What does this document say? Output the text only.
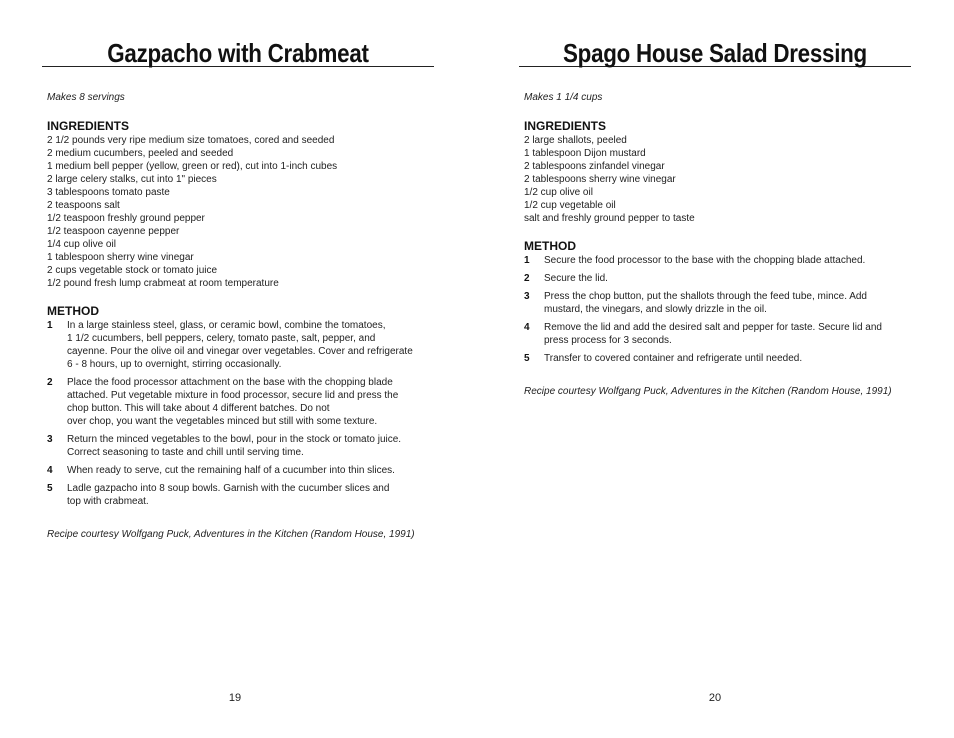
Gazpacho with Crabmeat
Makes 8 servings
INGREDIENTS
2 1/2 pounds very ripe medium size tomatoes, cored and seeded
2 medium cucumbers, peeled and seeded
1 medium bell pepper (yellow, green or red), cut into 1-inch cubes
2 large celery stalks, cut into 1" pieces
3 tablespoons tomato paste
2 teaspoons salt
1/2 teaspoon freshly ground pepper
1/2 teaspoon cayenne pepper
1/4 cup olive oil
1 tablespoon sherry wine vinegar
2 cups vegetable stock or tomato juice
1/2 pound fresh lump crabmeat at room temperature
METHOD
1	In a large stainless steel, glass, or ceramic bowl, combine the tomatoes,
1 1/2 cucumbers, bell peppers, celery, tomato paste, salt, pepper, and
cayenne. Pour the olive oil and vinegar over vegetables. Cover and refrigerate
6 - 8 hours, up to overnight, stirring occasionally.
2	Place the food processor attachment on the base with the chopping blade
attached. Put vegetable mixture in food processor, secure lid and press the
chop button. This will take about 4 different batches. Do not
over chop, you want the vegetables minced but still with some texture.
3	Return the minced vegetables to the bowl, pour in the stock or tomato juice.
Correct seasoning to taste and chill until serving time.
4	When ready to serve, cut the remaining half of a cucumber into thin slices.
5	Ladle gazpacho into 8 soup bowls. Garnish with the cucumber slices and
top with crabmeat.
Recipe courtesy Wolfgang Puck, Adventures in the Kitchen (Random House, 1991)
19
Spago House Salad Dressing
Makes 1 1/4 cups
INGREDIENTS
2 large shallots, peeled
1 tablespoon Dijon mustard
2 tablespoons zinfandel vinegar
2 tablespoons sherry wine vinegar
1/2 cup olive oil
1/2 cup vegetable oil
salt and freshly ground pepper to taste
METHOD
1	Secure the food processor to the base with the chopping blade attached.
2	Secure the lid.
3	Press the chop button, put the shallots through the feed tube, mince. Add
mustard, the vinegars, and slowly drizzle in the oil.
4	Remove the lid and add the desired salt and pepper for taste. Secure lid and
press process for 3 seconds.
5	Transfer to covered container and refrigerate until needed.
Recipe courtesy Wolfgang Puck, Adventures in the Kitchen (Random House, 1991)
20
